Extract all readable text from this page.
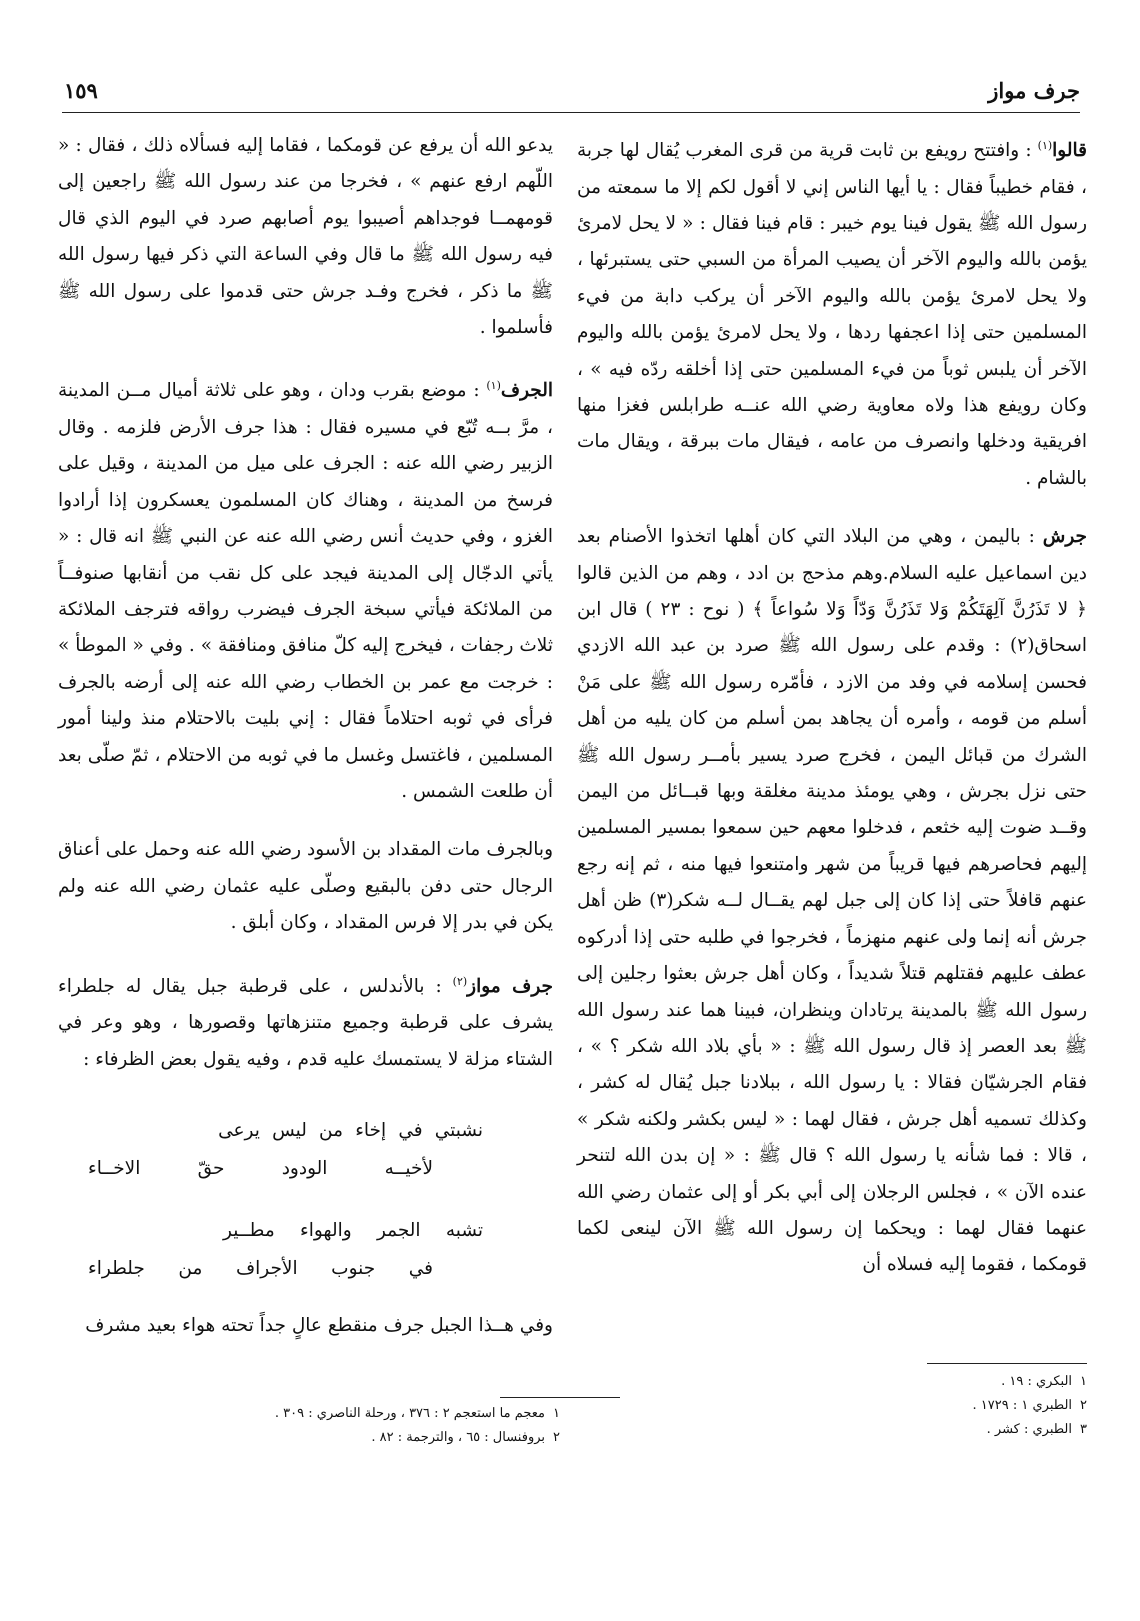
جرف مواز
١٥٩

قالوا$^{(١)}$ : وافتتح رويفع بن ثابت قرية من قرى المغرب يُقال لها جربة ، فقام خطيباً فقال : يا أيها الناس إني لا أقول لكم إلا ما سمعته من رسول الله ﷺ يقول فينا يوم خيبر : قام فينا فقال : « لا يحل لامرئ يؤمن بالله واليوم الآخر أن يصيب المرأة من السبي حتى يستبرئها ، ولا يحل لامرئ يؤمن بالله واليوم الآخر أن يركب دابة من فيء المسلمين حتى إذا اعجفها ردها ، ولا يحل لامرئ يؤمن بالله واليوم الآخر أن يلبس ثوباً من فيء المسلمين حتى إذا أخلقه ردّه فيه » ، وكان رويفع هذا ولاه معاوية رضي الله عنــه طرابلس فغزا منها افريقية ودخلها وانصرف من عامه ، فيقال مات ببرقة ، ويقال مات بالشام .

جرش : باليمن ، وهي من البلاد التي كان أهلها اتخذوا الأصنام بعد دين اسماعيل عليه السلام.وهم مذحج بن ادد ، وهم من الذين قالوا ﴿ لا تَذَرُنَّ آلِهَتَكُمْ وَلا تَذَرُنَّ وَدّاً وَلا سُواعاً ﴾ ( نوح : ٢٣ ) قال ابن اسحاق(٢) : وقدم على رسول الله ﷺ صرد بن عبد الله الازدي فحسن إسلامه في وفد من الازد ، فأمّره رسول الله ﷺ على مَنْ أسلم من قومه ، وأمره أن يجاهد بمن أسلم من كان يليه من أهل الشرك من قبائل اليمن ، فخرج صرد يسير بأمــر رسول الله ﷺ حتى نزل بجرش ، وهي يومئذ مدينة مغلقة وبها قبــائل من اليمن وقــد ضوت إليه خثعم ، فدخلوا معهم حين سمعوا بمسير المسلمين إليهم فحاصرهم فيها قريباً من شهر وامتنعوا فيها منه ، ثم إنه رجع عنهم قافلاً حتى إذا كان إلى جبل لهم يقــال لــه شكر(٣) ظن أهل جرش أنه إنما ولى عنهم منهزماً ، فخرجوا في طلبه حتى إذا أدركوه عطف عليهم فقتلهم قتلاً شديداً ، وكان أهل جرش بعثوا رجلين إلى رسول الله ﷺ بالمدينة يرتادان وينظران، فبينا هما عند رسول الله ﷺ بعد العصر إذ قال رسول الله ﷺ : « بأي بلاد الله شكر ؟ » ، فقام الجرشيّان فقالا : يا رسول الله ، ببلادنا جبل يُقال له كشر ، وكذلك تسميه أهل جرش ، فقال لهما : « ليس بكشر ولكنه شكر » ، قالا : فما شأنه يا رسول الله ؟ قال ﷺ : « إن بدن الله لتنحر عنده الآن » ، فجلس الرجلان إلى أبي بكر أو إلى عثمان رضي الله عنهما فقال لهما : ويحكما إن رسول الله ﷺ الآن لينعى لكما قومكما ، فقوما إليه فسلاه أن

يدعو الله أن يرفع عن قومكما ، فقاما إليه فسألاه ذلك ، فقال : « اللّهم ارفع عنهم » ، فخرجا من عند رسول الله ﷺ راجعين إلى قومهمــا فوجداهم أصيبوا يوم أصابهم صرد في اليوم الذي قال فيه رسول الله ﷺ ما قال وفي الساعة التي ذكر فيها رسول الله ﷺ ما ذكر ، فخرج وفـد جرش حتى قدموا على رسول الله ﷺ فأسلموا .

الجرف$^{(١)}$ : موضع بقرب ودان ، وهو على ثلاثة أميال مــن المدينة ، مرَّ بــه تُبّع في مسيره فقال : هذا جرف الأرض فلزمه . وقال الزبير رضي الله عنه : الجرف على ميل من المدينة ، وقيل على فرسخ من المدينة ، وهناك كان المسلمون يعسكرون إذا أرادوا الغزو ، وفي حديث أنس رضي الله عنه عن النبي ﷺ انه قال : « يأتي الدجّال إلى المدينة فيجد على كل نقب من أنقابها صنوفــاً من الملائكة فيأتي سبخة الجرف فيضرب رواقه فترجف الملائكة ثلاث رجفات ، فيخرج إليه كلّ منافق ومنافقة » . وفي « الموطأ » : خرجت مع عمر بن الخطاب رضي الله عنه إلى أرضه بالجرف فرأى في ثوبه احتلاماً فقال : إني بليت بالاحتلام منذ ولينا أمور المسلمين ، فاغتسل وغسل ما في ثوبه من الاحتلام ، ثمّ صلّى بعد أن طلعت الشمس .

وبالجرف مات المقداد بن الأسود رضي الله عنه وحمل على أعناق الرجال حتى دفن بالبقيع وصلّى عليه عثمان رضي الله عنه ولم يكن في بدر إلا فرس المقداد ، وكان أبلق .

جرف مواز$^{(٢)}$ : بالأندلس ، على قرطبة جبل يقال له جلطراء يشرف على قرطبة وجميع متنزهاتها وقصورها ، وهو وعر في الشتاء مزلة لا يستمسك عليه قدم ، وفيه يقول بعض الظرفاء :

نشبتي
في
إخاء
من
ليس
يرعى
لأخيــه
الودود
حقّ
الاخــاء
تشبه
الجمر
والهواء
مطــير
في
جنوب
الأجراف
من
جلطراء

وفي هــذا الجبل جرف منقطع عالٍ جداً تحته هواء بعيد مشرف

١البكري : ١٩ .
٢الطبري ١ : ١٧٢٩ .
٣الطبري : كشر .
١معجم ما استعجم ٢ : ٣٧٦ ، ورحلة الناصري : ٣٠٩ .
٢بروفنسال : ٦٥ ، والترجمة : ٨٢ .
